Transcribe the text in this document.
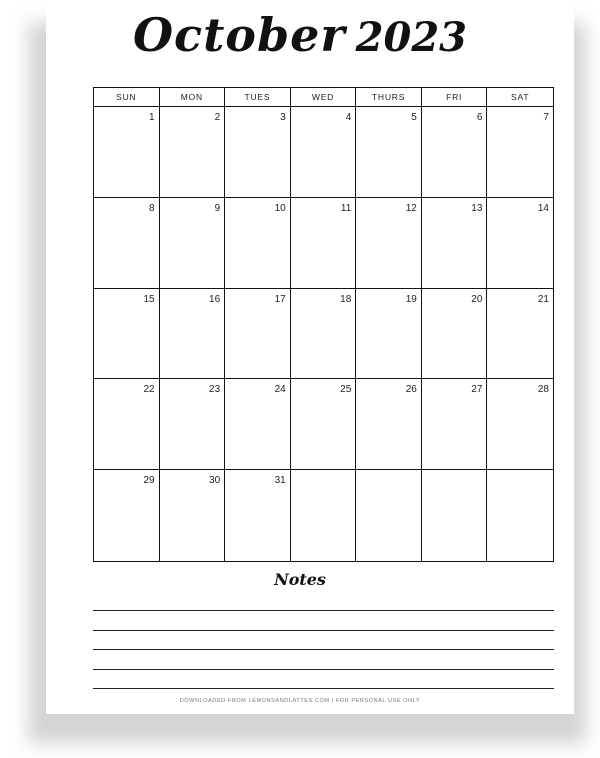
October 2023
SUN	MON	TUES	WED	THURS	FRI	SAT
1	2	3	4	5	6	7
8	9	10	11	12	13	14
15	16	17	18	19	20	21
22	23	24	25	26	27	28
29	30	31
Notes
DOWNLOADED FROM LEMONSANDLATTES.COM | FOR PERSONAL USE ONLY
